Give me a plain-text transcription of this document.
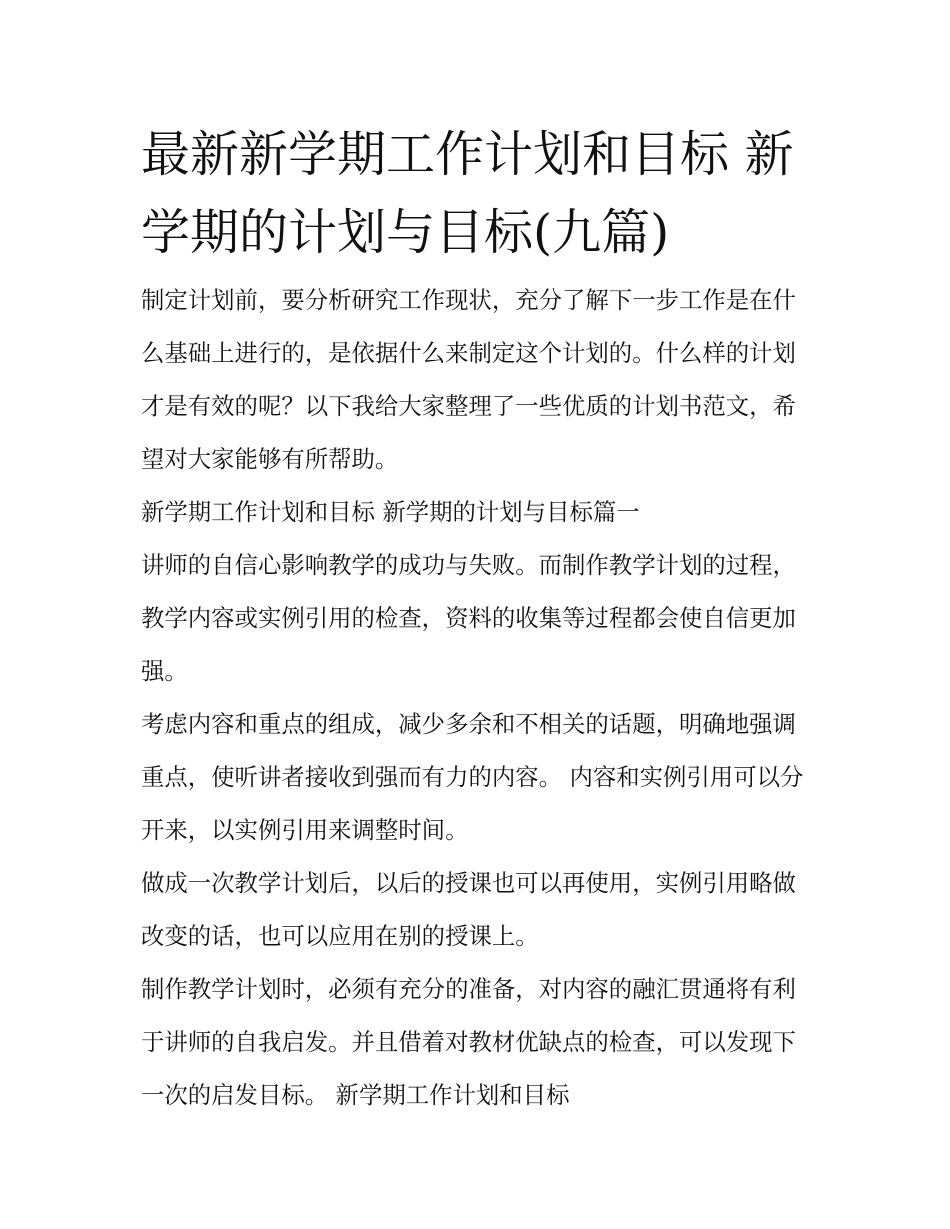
最新新学期工作计划和目标 新学期的计划与目标(九篇)

制定计划前，要分析研究工作现状，充分了解下一步工作是在什么基础上进行的，是依据什么来制定这个计划的。什么样的计划才是有效的呢？以下我给大家整理了一些优质的计划书范文，希望对大家能够有所帮助。

新学期工作计划和目标 新学期的计划与目标篇一

讲师的自信心影响教学的成功与失败。而制作教学计划的过程，教学内容或实例引用的检查，资料的收集等过程都会使自信更加强。

考虑内容和重点的组成，减少多余和不相关的话题，明确地强调重点，使听讲者接收到强而有力的内容。 内容和实例引用可以分开来，以实例引用来调整时间。

做成一次教学计划后，以后的授课也可以再使用，实例引用略做改变的话，也可以应用在别的授课上。

制作教学计划时，必须有充分的准备，对内容的融汇贯通将有利于讲师的自我启发。并且借着对教材优缺点的检查，可以发现下一次的启发目标。 新学期工作计划和目标
